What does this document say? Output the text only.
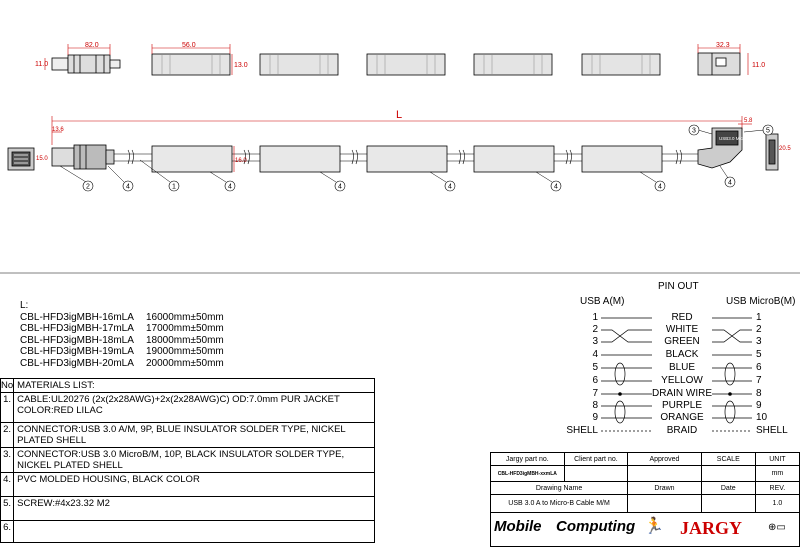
82.0
11.0
56.0
13.0
32.3
11.0
L
13.6
15.0	16.0
USB3.0 Micro-B
5.8
20.5
2	4	1	4	4	4	4	4
4
3	5
L:
CBL-HFD3igMBH-16mLA	16000mm±50mm
CBL-HFD3igMBH-17mLA	17000mm±50mm
CBL-HFD3igMBH-18mLA	18000mm±50mm
CBL-HFD3igMBH-19mLA	19000mm±50mm
CBL-HFD3igMBH-20mLA	20000mm±50mm
No	MATERIALS LIST:
1.	CABLE:UL20276 (2x(2x28AWG)+2x(2x28AWG)C) OD:7.0mm PUR JACKET COLOR:RED LILAC
2.	CONNECTOR:USB 3.0 A/M, 9P, BLUE INSULATOR SOLDER TYPE, NICKEL PLATED SHELL
3.	CONNECTOR:USB 3.0 MicroB/M, 10P, BLACK INSULATOR SOLDER TYPE, NICKEL PLATED SHELL
4.	PVC MOLDED HOUSING, BLACK COLOR
5.	SCREW:#4x23.32 M2
6.	
PIN OUT
USB A(M)	USB MicroB(M)
1	RED	1
2	WHITE	2
3	GREEN	3
4	BLACK	5
5	BLUE	6
6	YELLOW	7
7	DRAIN WIRE	8
8	PURPLE	9
9	ORANGE	10
SHELL	BRAID	SHELL
Jargy part no.	Client part no.	Approved	SCALE	UNIT
CBL-HFD3igMBH-xxmLA				mm
Drawing Name		Drawn	Date	REV.
USB 3.0 A to Micro-B Cable M/M				1.0

Mobile Computing 🏃 JARGY	⊕▭
